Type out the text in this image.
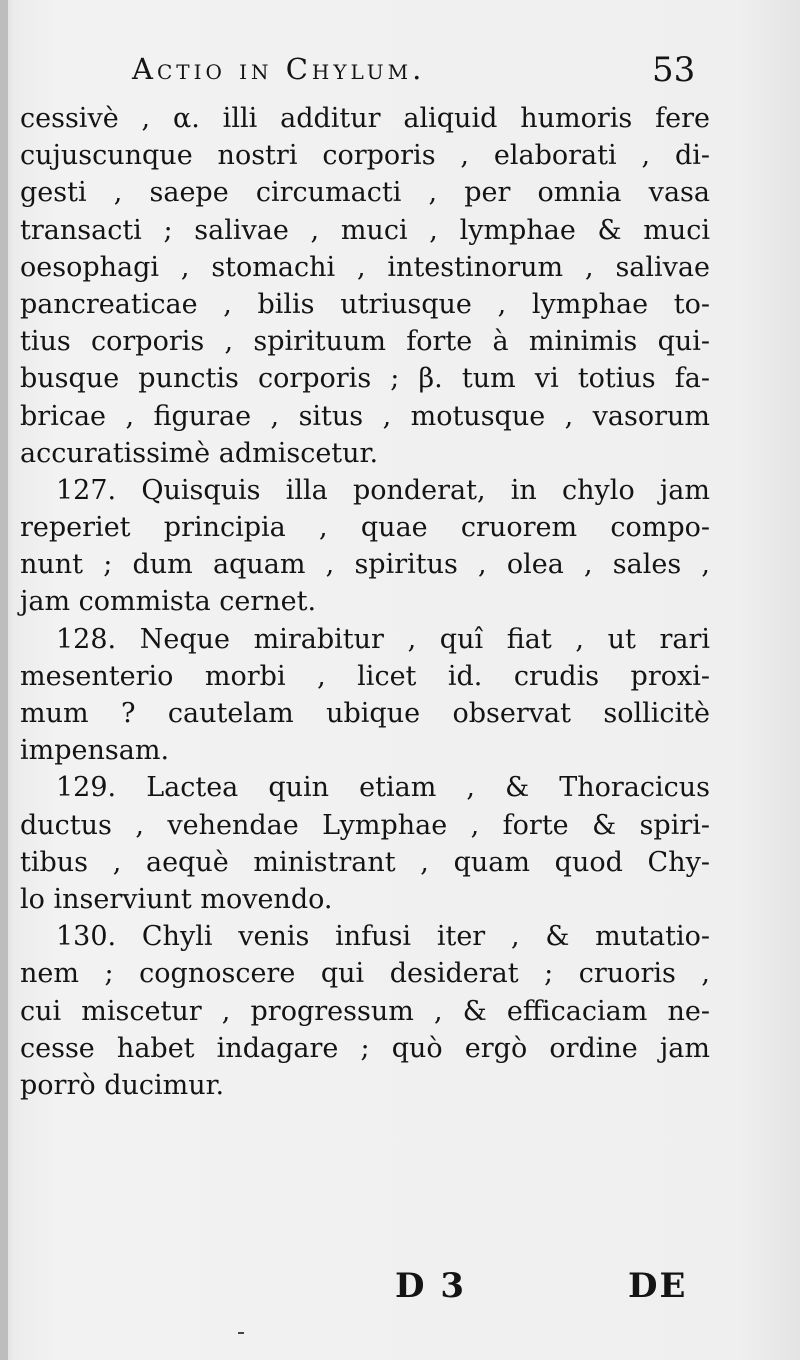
Actio in Chylum.	53
cessivè , α. illi additur aliquid humoris fere
cujuscunque nostri corporis , elaborati , di-
gesti , saepe circumacti , per omnia vasa
transacti ; salivae , muci , lymphae & muci
oesophagi , stomachi , intestinorum , salivae
pancreaticae , bilis utriusque , lymphae to-
tius corporis , spirituum forte à minimis qui-
busque punctis corporis ; β. tum vi totius fa-
bricae , figurae , situs , motusque , vasorum
accuratissimè admiscetur.
127. Quisquis illa ponderat, in chylo jam
reperiet principia , quae cruorem compo-
nunt ; dum aquam , spiritus , olea , sales ,
jam commista cernet.
128. Neque mirabitur , quî fiat , ut rari
mesenterio morbi , licet id. crudis proxi-
mum ? cautelam ubique observat sollicitè
impensam.
129. Lactea quin etiam , & Thoracicus
ductus , vehendae Lymphae , forte & spiri-
tibus , aequè ministrant , quam quod Chy-
lo inserviunt movendo.
130. Chyli venis infusi iter , & mutatio-
nem ; cognoscere qui desiderat ; cruoris ,
cui miscetur , progressum , & efficaciam ne-
cesse habet indagare ; quò ergò ordine jam
porrò ducimur.
D 3	DE
